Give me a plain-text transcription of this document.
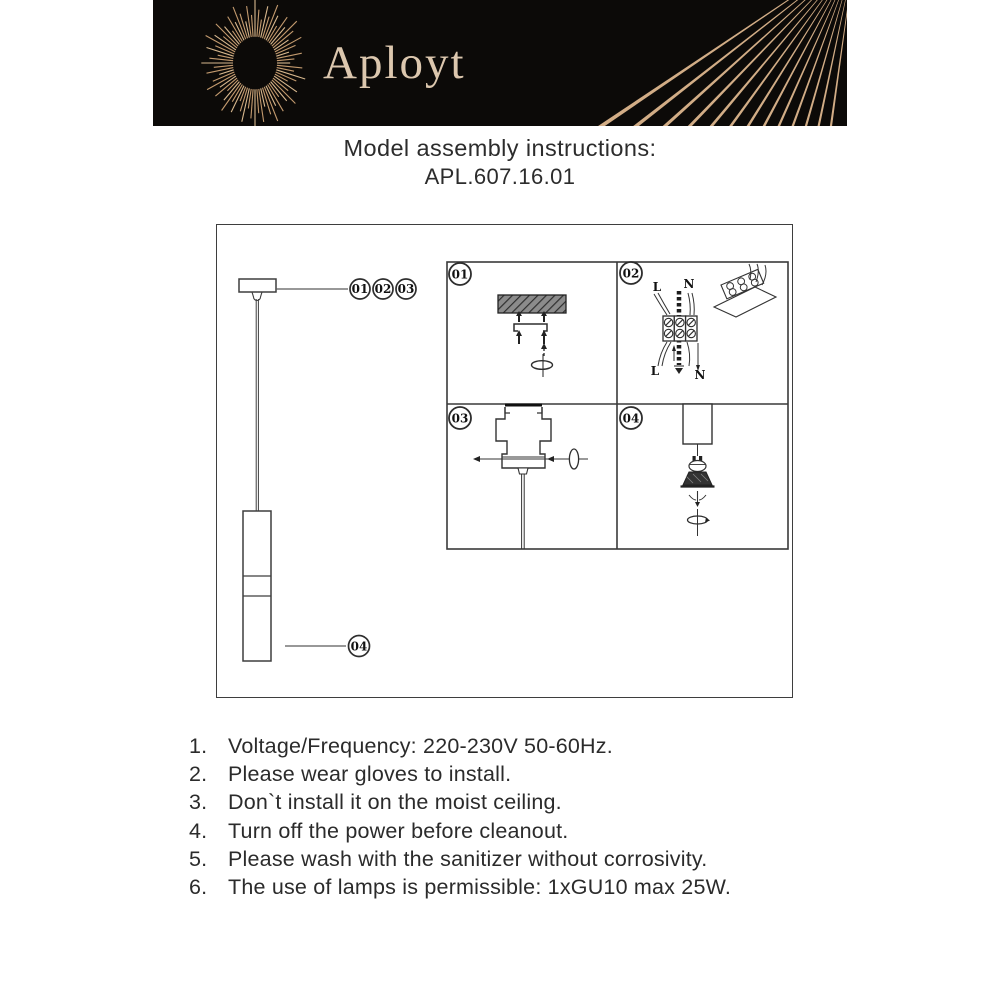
Aployt
Model assembly instructions:
APL.607.16.01
01 02 03
04
01	02
03	04
L N
L	N
1. Voltage/Frequency: 220-230V 50-60Hz.
2. Please wear gloves to install.
3. Don`t install it on the moist ceiling.
4. Turn off the power before cleanout.
5. Please wash with the sanitizer without corrosivity.
6. The use of lamps is permissible: 1xGU10 max 25W.
